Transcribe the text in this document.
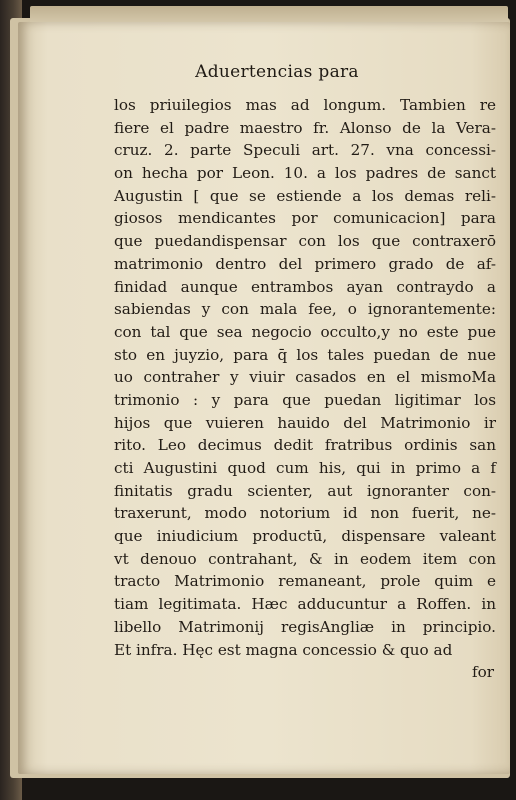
Aduertencias para
los priuilegios mas ad longum. Tambien re
fiere el padre maestro fr. Alonso de la Vera-
cruz. 2. parte Speculi art. 27. vna concessi-
on hecha por Leon. 10. a los padres de sanct
Augustin [ que se estiende a los demas reli-
giosos mendicantes por comunicacion] para
que puedandispensar con los que contraxerō
matrimonio dentro del primero grado de af-
finidad aunque entrambos ayan contraydo a
sabiendas y con mala fee, o ignorantemente:
con tal que sea negocio occulto,y no este pue
sto en juyzio, para q̄ los tales puedan de nue
uo contraher y viuir casados en el mismoMa
trimonio : y para que puedan ligitimar los
hijos que vuieren hauido del Matrimonio ir
rito. Leo decimus dedit fratribus ordinis san
cti Augustini quod cum his, qui in primo a f
finitatis gradu scienter, aut ignoranter con-
traxerunt, modo notorium id non fuerit, ne-
que iniudicium productū, dispensare valeant
vt denouo contrahant, & in eodem item con
tracto Matrimonio remaneant, prole quim e
tiam legitimata. Hæc adducuntur a Roffen. in
libello Matrimonij regisAngliæ in principio.
Et infra. Hęc est magna concessio & quo ad
for
